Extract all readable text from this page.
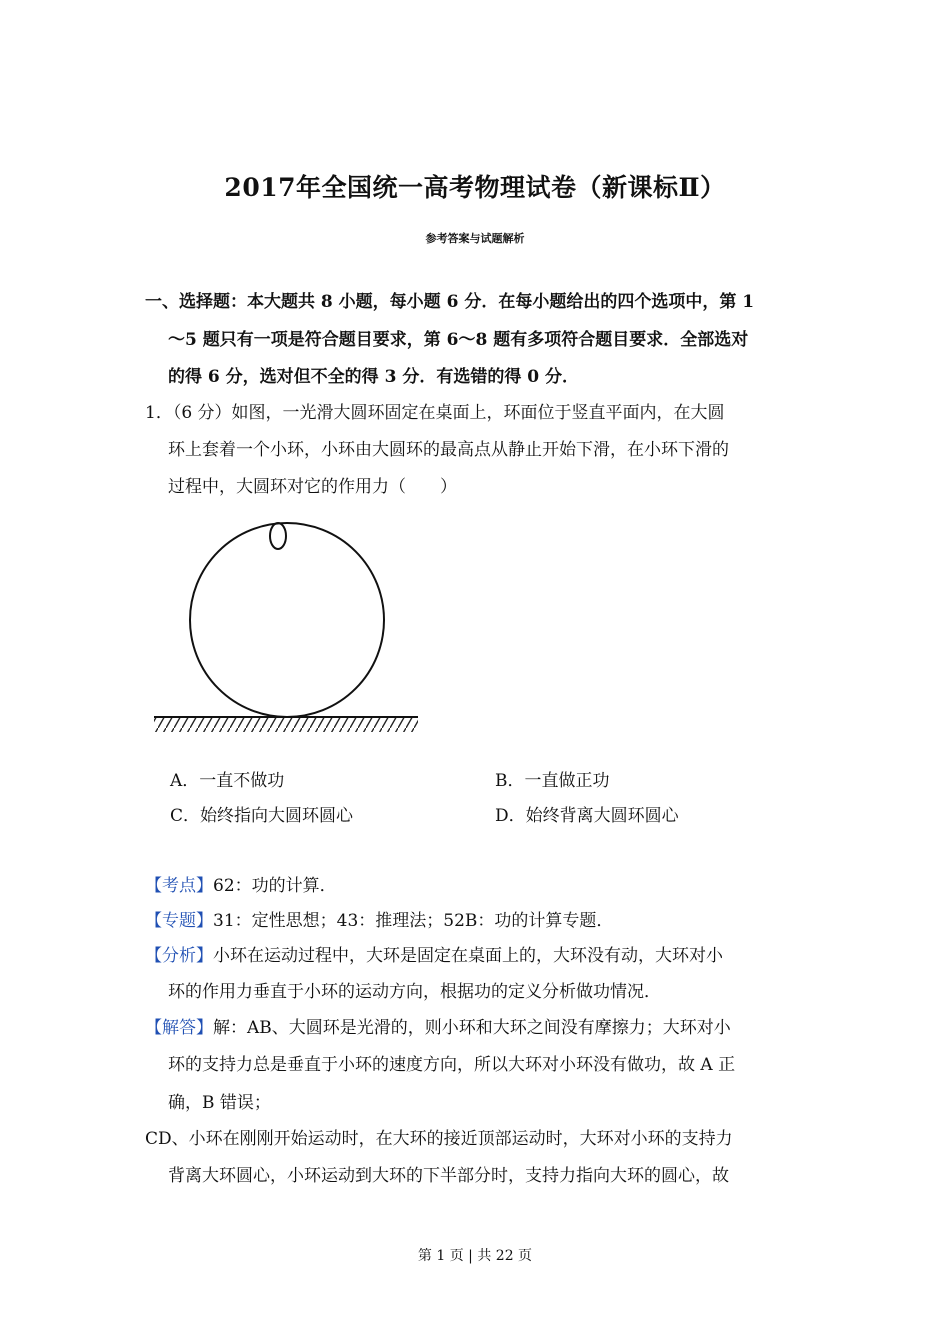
2017年全国统一高考物理试卷（新课标Ⅱ）
参考答案与试题解析
一、选择题：本大题共 8 小题，每小题 6 分．在每小题给出的四个选项中，第 1
～5 题只有一项是符合题目要求，第 6～8 题有多项符合题目要求．全部选对
的得 6 分，选对但不全的得 3 分．有选错的得 0 分．
1．（6 分）如图，一光滑大圆环固定在桌面上，环面位于竖直平面内，在大圆
环上套着一个小环，小环由大圆环的最高点从静止开始下滑，在小环下滑的
过程中，大圆环对它的作用力（　　）
A．一直不做功	B．一直做正功
C．始终指向大圆环圆心	D．始终背离大圆环圆心
【考点】62：功的计算．
【专题】31：定性思想；43：推理法；52B：功的计算专题．
【分析】小环在运动过程中，大环是固定在桌面上的，大环没有动，大环对小
环的作用力垂直于小环的运动方向，根据功的定义分析做功情况．
【解答】解：AB、大圆环是光滑的，则小环和大环之间没有摩擦力；大环对小
环的支持力总是垂直于小环的速度方向，所以大环对小环没有做功，故 A 正
确，B 错误；
CD、小环在刚刚开始运动时，在大环的接近顶部运动时，大环对小环的支持力
背离大环圆心，小环运动到大环的下半部分时，支持力指向大环的圆心，故
第 1 页 | 共 22 页
